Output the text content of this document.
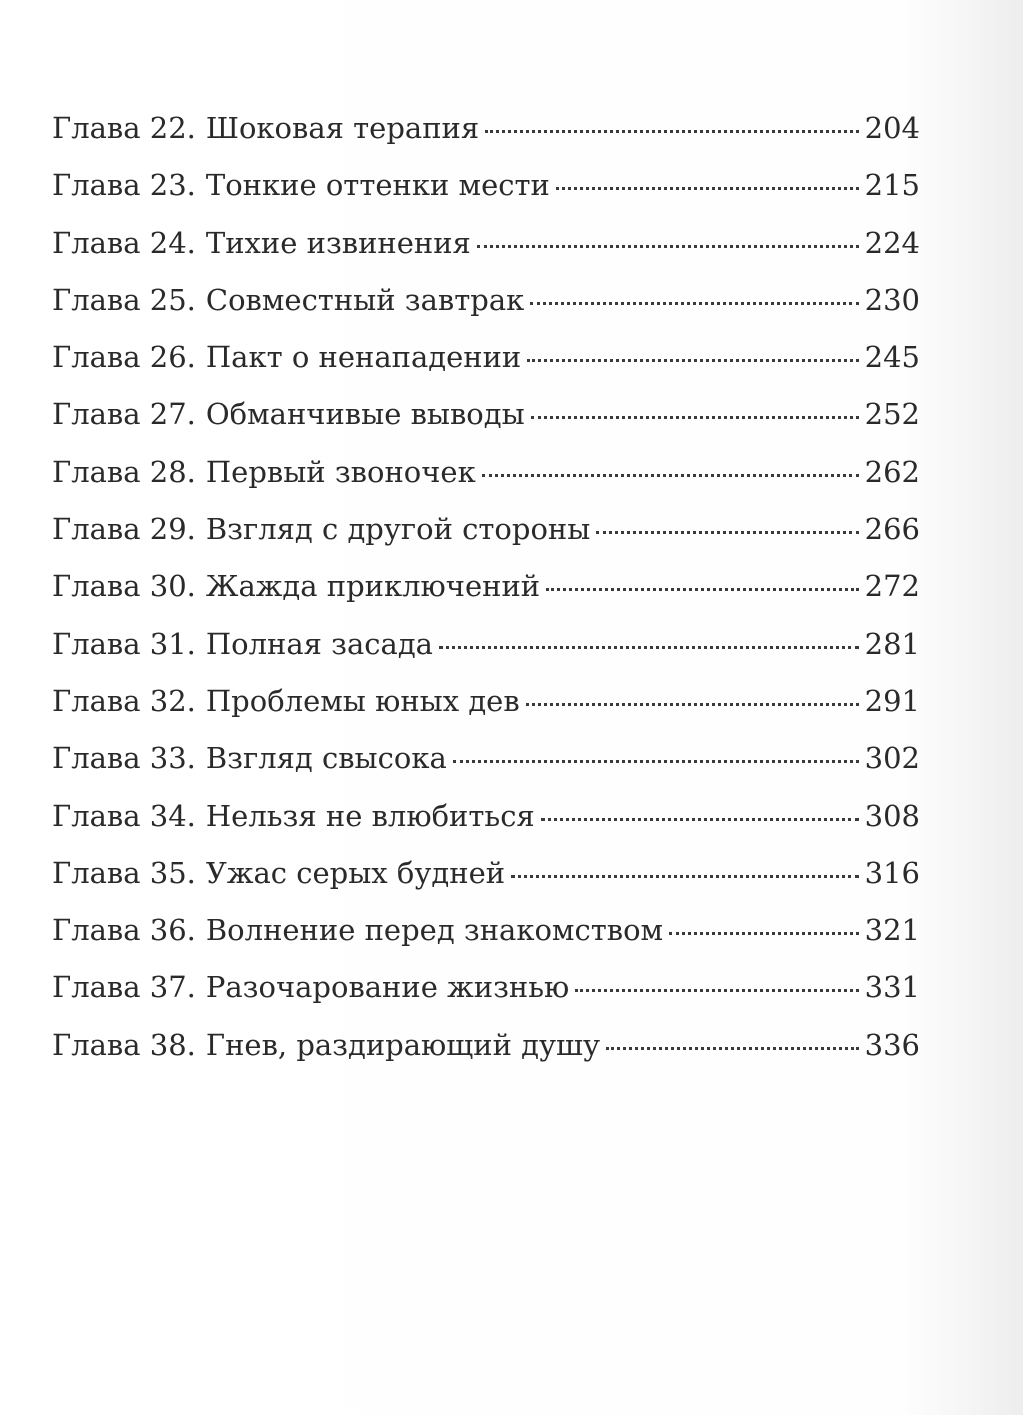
Глава 22. Шоковая терапия	204
Глава 23. Тонкие оттенки мести	215
Глава 24. Тихие извинения	224
Глава 25. Совместный завтрак	230
Глава 26. Пакт о ненападении	245
Глава 27. Обманчивые выводы	252
Глава 28. Первый звоночек	262
Глава 29. Взгляд с другой стороны	266
Глава 30. Жажда приключений	272
Глава 31. Полная засада	281
Глава 32. Проблемы юных дев	291
Глава 33. Взгляд свысока	302
Глава 34. Нельзя не влюбиться	308
Глава 35. Ужас серых будней	316
Глава 36. Волнение перед знакомством	321
Глава 37. Разочарование жизнью	331
Глава 38. Гнев, раздирающий душу	336
